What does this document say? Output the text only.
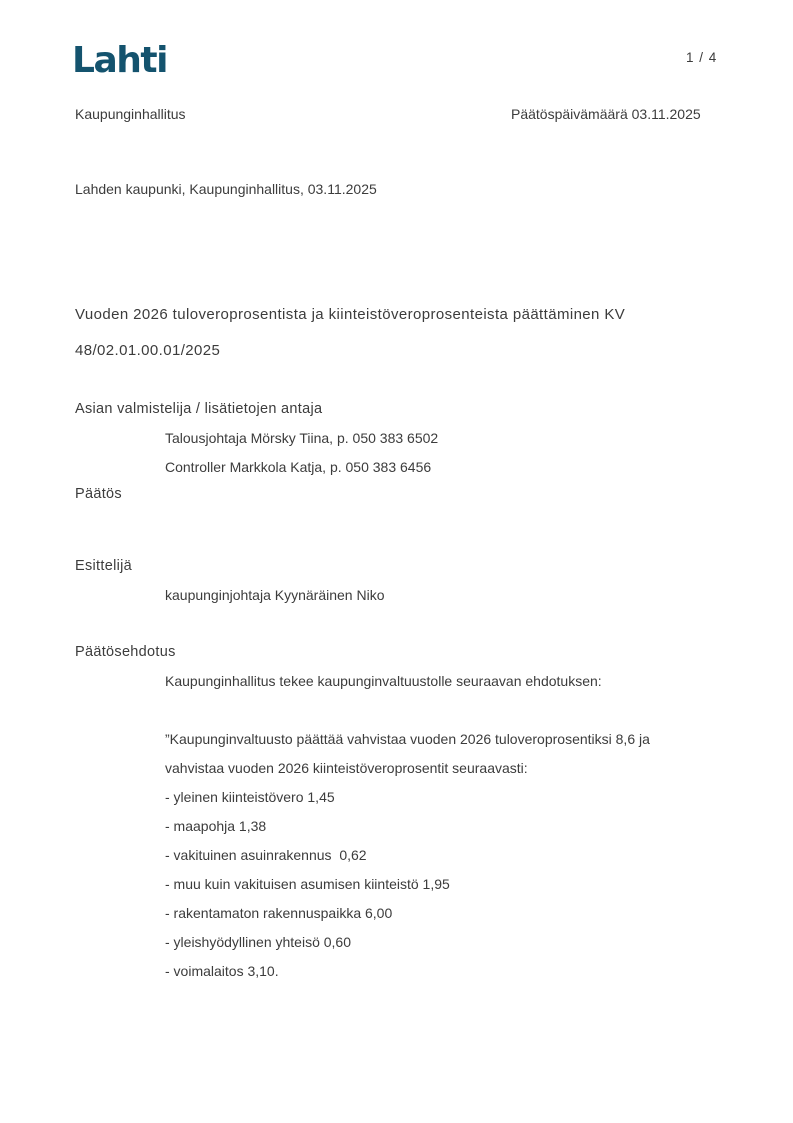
Lahti	1 / 4
Kaupunginhallitus	Päätöspäivämäärä 03.11.2025
Lahden kaupunki, Kaupunginhallitus, 03.11.2025
Vuoden 2026 tuloveroprosentista ja kiinteistöveroprosenteista päättäminen KV
48/02.01.00.01/2025
Asian valmistelija / lisätietojen antaja
Talousjohtaja Mörsky Tiina, p. 050 383 6502
Controller Markkola Katja, p. 050 383 6456
Päätös
Esittelijä
kaupunginjohtaja Kyynäräinen Niko
Päätösehdotus
Kaupunginhallitus tekee kaupunginvaltuustolle seuraavan ehdotuksen:
”Kaupunginvaltuusto päättää vahvistaa vuoden 2026 tuloveroprosentiksi 8,6 ja
vahvistaa vuoden 2026 kiinteistöveroprosentit seuraavasti:
- yleinen kiinteistövero 1,45
- maapohja 1,38
- vakituinen asuinrakennus  0,62
- muu kuin vakituisen asumisen kiinteistö 1,95
- rakentamaton rakennuspaikka 6,00
- yleishyödyllinen yhteisö 0,60
- voimalaitos 3,10.
